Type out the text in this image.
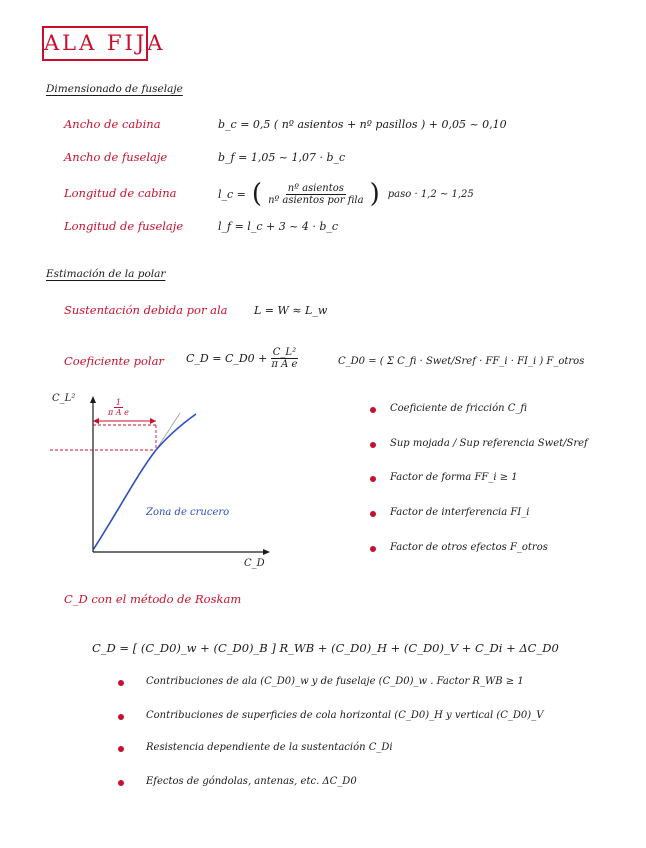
ALA FIJA
Dimensionado de fuselaje
Ancho de cabina	b_c = 0,5 ( nº asientos + nº pasillos ) + 0,05 ~ 0,10
Ancho de fuselaje	b_f = 1,05 ~ 1,07 · b_c
Longitud de cabina	l_c = ( $\frac{\text{nº asientos}}{\text{nº asientos por fila}}$ ) paso · 1,2 ~ 1,25
Longitud de fuselaje	l_f = l_c + 3 ~ 4 · b_c
Estimación de la polar
Sustentación debida por ala L = W ≈ L_w
Coeficiente polar C_D = C_D0 + $\frac{\text{C\_L²}}{\text{π A e}}$	C_D0 = ( Σ C_fi · Swet/Sref · FF_i · FI_i ) F_otros
C_L²
C_D
$\frac{1}{\text{π A e}}$
Zona de crucero
Coeficiente de fricción C_fi
Sup mojada / Sup referencia Swet/Sref
Factor de forma FF_i ≥ 1
Factor de interferencia FI_i
Factor de otros efectos F_otros
C_D con el método de Roskam
C_D = [ (C_D0)_w + (C_D0)_B ] R_WB + (C_D0)_H + (C_D0)_V + C_Di + ΔC_D0
Contribuciones de ala (C_D0)_w y de fuselaje (C_D0)_w . Factor R_WB ≥ 1
Contribuciones de superficies de cola horizontal (C_D0)_H y vertical (C_D0)_V
Resistencia dependiente de la sustentación C_Di
Efectos de góndolas, antenas, etc. ΔC_D0
